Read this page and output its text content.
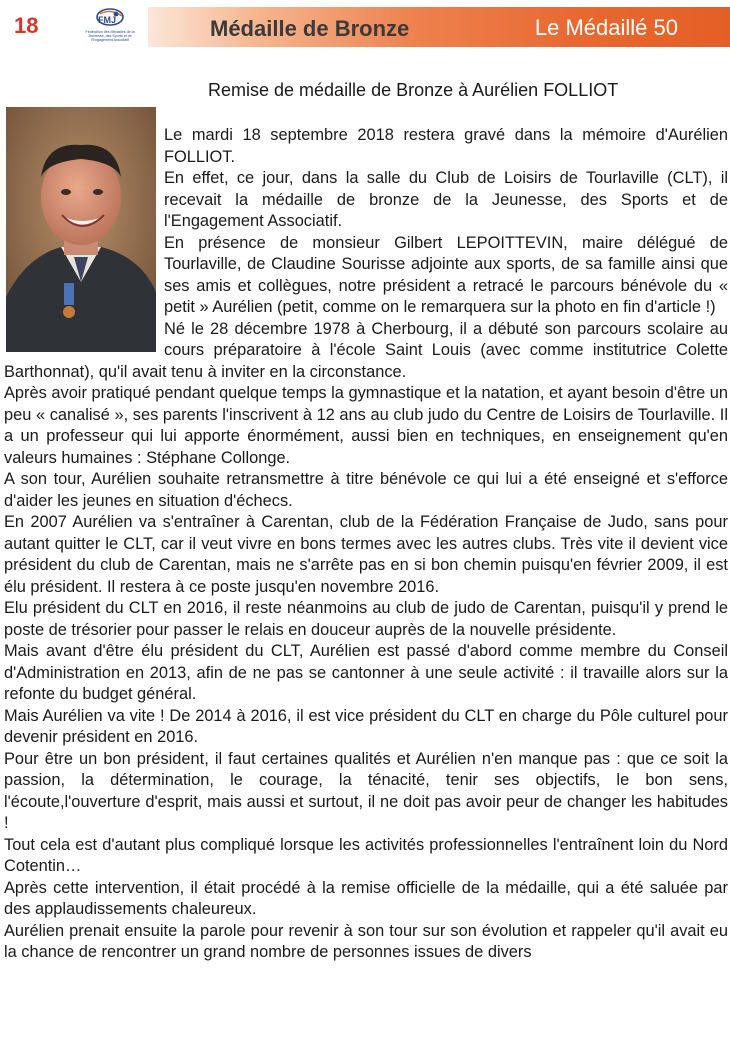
18	FMJ
Fédération des Médaillés de la Jeunesse, des Sports et de l'Engagement Associatif	Médaille de Bronze	Le Médaillé 50
Remise de médaille de Bronze à Aurélien FOLLIOT

Le mardi 18 septembre 2018 restera gravé dans la mémoire d'Aurélien FOLLIOT.

En effet, ce jour, dans la salle du Club de Loisirs de Tourlaville (CLT), il recevait la médaille de bronze de la Jeunesse, des Sports et de l'Engagement Associatif.

En présence de monsieur Gilbert LEPOITTEVIN, maire délégué de Tourlaville, de Claudine Sourisse adjointe aux sports, de sa famille ainsi que ses amis et collègues, notre président a retracé le parcours bénévole du « petit » Aurélien (petit, comme on le remarquera sur la photo en fin d'article !)

Né le 28 décembre 1978 à Cherbourg, il a débuté son parcours scolaire au cours préparatoire à l'école Saint Louis (avec comme institutrice Colette Barthonnat), qu'il avait tenu à inviter en la circonstance.

Après avoir pratiqué pendant quelque temps la gymnastique et la natation, et ayant besoin d'être un peu « canalisé », ses parents l'inscrivent à 12 ans au club judo du Centre de Loisirs de Tourlaville. Il a un professeur qui lui apporte énormément, aussi bien en techniques, en enseignement qu'en valeurs humaines : Stéphane Collonge.

A son tour, Aurélien souhaite retransmettre à titre bénévole ce qui lui a été enseigné et s'efforce d'aider les jeunes en situation d'échecs.

En 2007 Aurélien va s'entraîner à Carentan, club de la Fédération Française de Judo, sans pour autant quitter le CLT, car il veut vivre en bons termes avec les autres clubs. Très vite il devient vice président du club de Carentan, mais ne s'arrête pas en si bon chemin puisqu'en février 2009, il est élu président. Il restera à ce poste jusqu'en novembre 2016.

Elu président du CLT en 2016, il reste néanmoins au club de judo de Carentan, puisqu'il y prend le poste de trésorier pour passer le relais en douceur auprès de la nouvelle présidente.

Mais avant d'être élu président du CLT, Aurélien est passé d'abord comme membre du Conseil d'Administration en 2013, afin de ne pas se cantonner à une seule activité : il travaille alors sur la refonte du budget général.

Mais Aurélien va vite ! De 2014 à 2016, il est vice président du CLT en charge du Pôle culturel pour devenir président en 2016.

Pour être un bon président, il faut certaines qualités et Aurélien n'en manque pas : que ce soit la passion, la détermination, le courage, la ténacité, tenir ses objectifs, le bon sens, l'écoute,l'ouverture d'esprit, mais aussi et surtout, il ne doit pas avoir peur de changer les habitudes !

Tout cela est d'autant plus compliqué lorsque les activités professionnelles l'entraînent loin du Nord Cotentin…

Après cette intervention, il était procédé à la remise officielle de la médaille, qui a été saluée par des applaudissements chaleureux.

Aurélien prenait ensuite la parole pour revenir à son tour sur son évolution et rappeler qu'il avait eu la chance de rencontrer un grand nombre de personnes issues de divers
